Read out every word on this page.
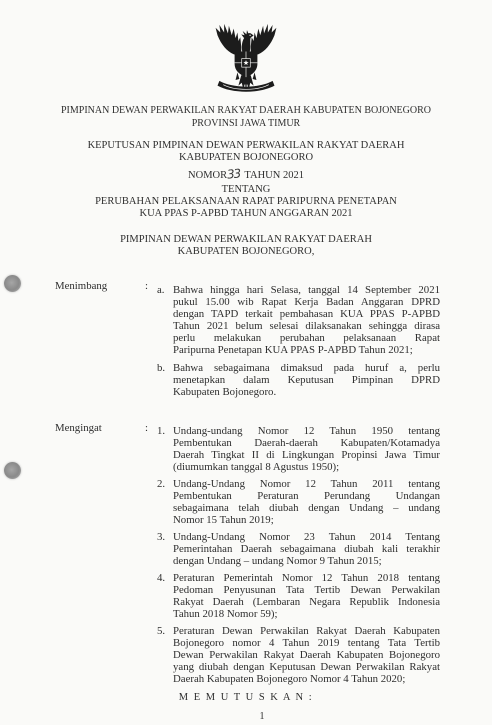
PIMPINAN DEWAN PERWAKILAN RAKYAT DAERAH KABUPATEN BOJONEGORO
PROVINSI JAWA TIMUR
KEPUTUSAN PIMPINAN DEWAN PERWAKILAN RAKYAT DAERAH
KABUPATEN BOJONEGORO
NOMOR 33 TAHUN 2021
TENTANG
PERUBAHAN PELAKSANAAN RAPAT PARIPURNA PENETAPAN
KUA PPAS P-APBD TAHUN ANGGARAN 2021
PIMPINAN DEWAN PERWAKILAN RAKYAT DAERAH
KABUPATEN BOJONEGORO,
Menimbang	: a. Bahwa hingga hari Selasa, tanggal 14 September 2021
pukul 15.00 wib Rapat Kerja Badan Anggaran DPRD
dengan TAPD terkait pembahasan KUA PPAS P-APBD
Tahun 2021 belum selesai dilaksanakan sehingga dirasa
perlu melakukan perubahan pelaksanaan Rapat
Paripurna Penetapan KUA PPAS P-APBD Tahun 2021;
b. Bahwa sebagaimana dimaksud pada huruf a, perlu
menetapkan dalam Keputusan Pimpinan DPRD
Kabupaten Bojonegoro.
Mengingat	: 1. Undang-undang Nomor 12 Tahun 1950 tentang
Pembentukan Daerah-daerah Kabupaten/Kotamadya
Daerah Tingkat II di Lingkungan Propinsi Jawa Timur
(diumumkan tanggal 8 Agustus 1950);
2. Undang-Undang Nomor 12 Tahun 2011 tentang
Pembentukan Peraturan Perundang Undangan
sebagaimana telah diubah dengan Undang – undang
Nomor 15 Tahun 2019;
3. Undang-Undang Nomor 23 Tahun 2014 Tentang
Pemerintahan Daerah sebagaimana diubah kali terakhir
dengan Undang – undang Nomor 9 Tahun 2015;
4. Peraturan Pemerintah Nomor 12 Tahun 2018 tentang
Pedoman Penyusunan Tata Tertib Dewan Perwakilan
Rakyat Daerah (Lembaran Negara Republik Indonesia
Tahun 2018 Nomor 59);
5. Peraturan Dewan Perwakilan Rakyat Daerah Kabupaten
Bojonegoro nomor 4 Tahun 2019 tentang Tata Tertib
Dewan Perwakilan Rakyat Daerah Kabupaten Bojonegoro
yang diubah dengan Keputusan Dewan Perwakilan Rakyat
Daerah Kabupaten Bojonegoro Nomor 4 Tahun 2020;
M E M U T U S K A N :
1
